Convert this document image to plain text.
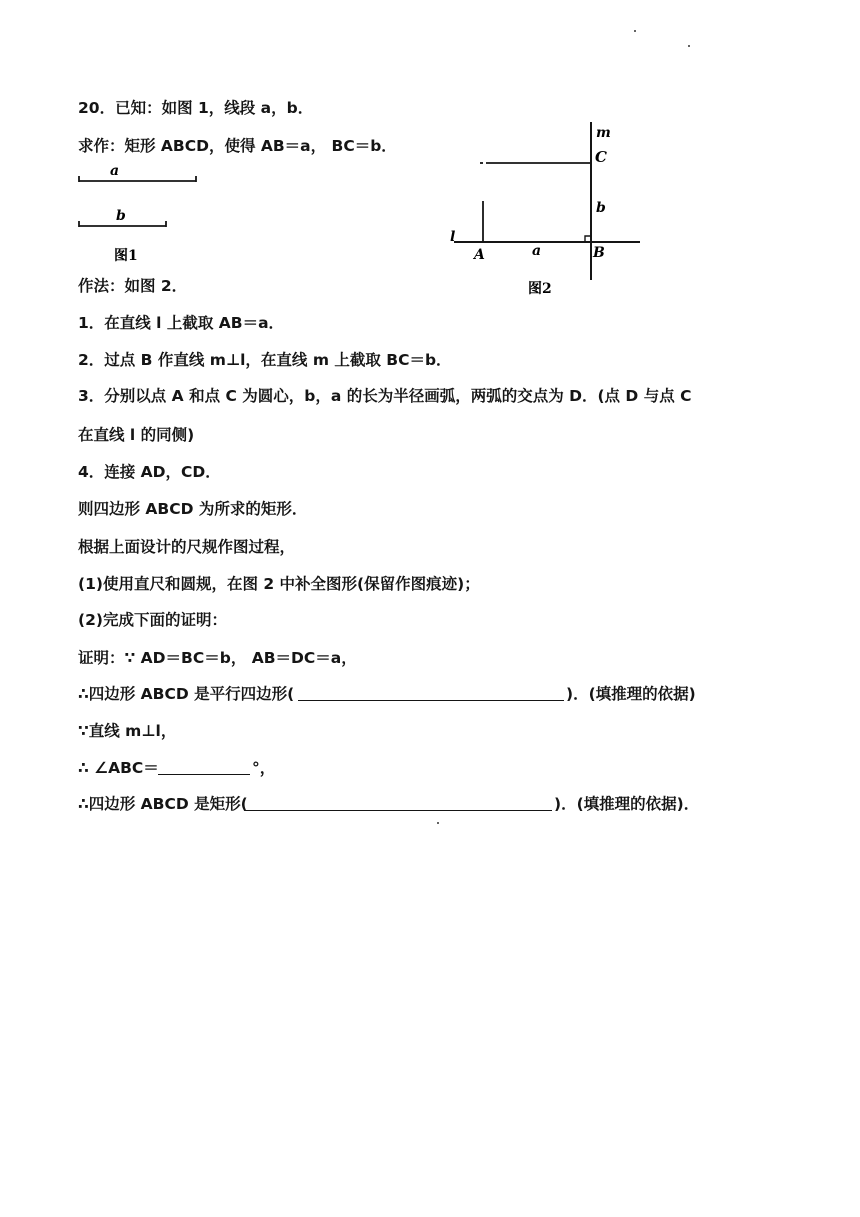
20．已知：如图 1，线段 a，b．

求作：矩形 ABCD，使得 AB＝a， BC＝b．

a
b
图1
m
C
b
l
A	a	B
图2

作法：如图 2．

1．在直线 l 上截取 AB＝a．

2．过点 B 作直线 m⊥l，在直线 m 上截取 BC＝b．

3．分别以点 A 和点 C 为圆心，b，a 的长为半径画弧，两弧的交点为 D．(点 D 与点 C

在直线 l 的同侧)

4．连接 AD，CD．

则四边形 ABCD 为所求的矩形．

根据上面设计的尺规作图过程，

(1)使用直尺和圆规，在图 2 中补全图形(保留作图痕迹)；

(2)完成下面的证明：

证明：∵ AD＝BC＝b， AB＝DC＝a，

∴四边形 ABCD 是平行四边形(	)．(填推理的依据)

∵直线 m⊥l，

∴ ∠ABC＝	°，

∴四边形 ABCD 是矩形(	)．(填推理的依据)．
